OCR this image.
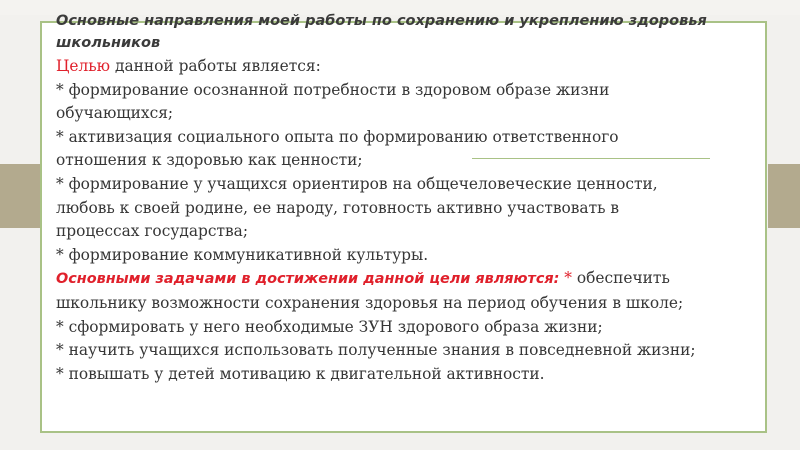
Основные направления моей работы по сохранению и укреплению здоровья
школьников
Целью данной работы является:
* формирование осознанной потребности в здоровом образе жизни
обучающихся;
* активизация социального опыта по формированию ответственного
отношения к здоровью как ценности;
* формирование у учащихся ориентиров на общечеловеческие ценности,
любовь к своей родине, ее народу, готовность активно участвовать в
процессах государства;
* формирование коммуникативной культуры.
Основными задачами в достижении данной цели являются: * обеспечить
школьнику возможности сохранения здоровья на период обучения в школе;
* сформировать у него необходимые ЗУН здорового образа жизни;
* научить учащихся использовать полученные знания в повседневной жизни;
* повышать у детей мотивацию к двигательной активности.
